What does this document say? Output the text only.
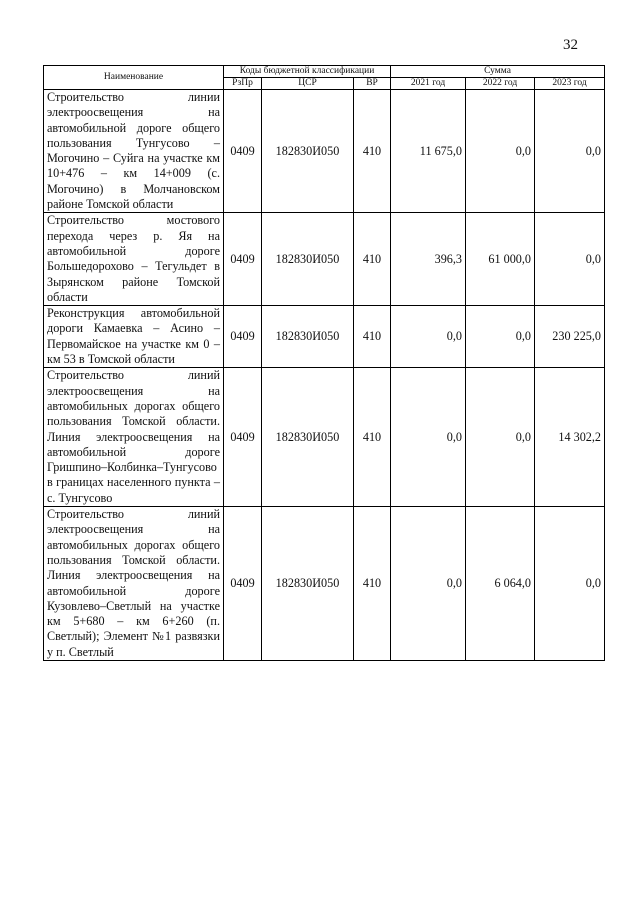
32
Наименование	Коды бюджетной классификации			Сумма		
	РзПр	ЦСР	ВР	2021 год	2022 год	2023 год
Строительство линии электроосвещения на автомобильной дороге общего пользования Тунгусово – Могочино – Суйга на участке км 10+476 – км 14+009 (с. Могочино) в Молчановском районе Томской области	0409	182830И050	410	11 675,0	0,0	0,0
Строительство мостового перехода через р. Яя на автомобильной дороге Большедорохово – Тегульдет в Зырянском районе Томской области	0409	182830И050	410	396,3	61 000,0	0,0
Реконструкция автомобильной дороги Камаевка – Асино – Первомайское на участке км 0 – км 53 в Томской области	0409	182830И050	410	0,0	0,0	230 225,0
Строительство линий электроосвещения на автомобильных дорогах общего пользования Томской области. Линия электроосвещения на автомобильной дороге Гришпино–Колбинка–Тунгусово в границах населенного пункта – с. Тунгусово	0409	182830И050	410	0,0	0,0	14 302,2
Строительство линий электроосвещения на автомобильных дорогах общего пользования Томской области. Линия электроосвещения на автомобильной дороге Кузовлево–Светлый на участке км 5+680 – км 6+260 (п. Светлый); Элемент №1 развязки у п. Светлый	0409	182830И050	410	0,0	6 064,0	0,0
